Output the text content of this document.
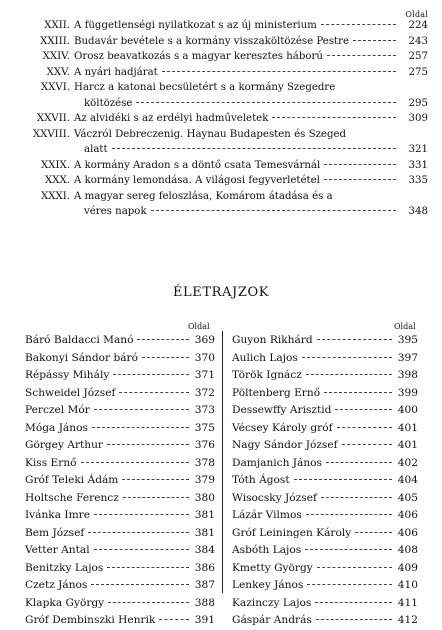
Oldal
XXII. A függetlenségi nyilatkozat s az új ministerium	224
XXIII. Budavár bevétele s a kormány visszaköltözése Pestre	243
XXIV. Orosz beavatkozás s a magyar keresztes háború	257
XXV. A nyári hadjárat	275
XXVI. Harcz a katonai becsületért s a kormány Szegedre
költözése	295
XXVII. Az alvidéki s az erdélyi hadműveletek	309
XXVIII. Váczról Debreczenig. Haynau Budapesten és Szeged
alatt	321
XXIX. A kormány Aradon s a döntő csata Temesvárnál	331
XXX. A kormány lemondása. A világosi fegyverletétel	335
XXXI. A magyar sereg feloszlása, Komárom átadása és a
véres napok	348
ÉLETRAJZOK
Oldal	Oldal
Báró Baldacci Manó	369
Bakonyi Sándor báró	370
Répássy Mihály	371
Schweidel József	372
Perczel Mór	373
Móga János	375
Görgey Arthur	376
Kiss Ernő	378
Gróf Teleki Ádám	379
Holtsche Ferencz	380
Ivánka Imre	381
Bem József	381
Vetter Antal	384
Benitzky Lajos	386
Czetz János	387
Klapka György	388
Gróf Dembinszki Henrik	391
Guyon Rikhárd	395
Aulich Lajos	397
Török Ignácz	398
Pöltenberg Ernő	399
Dessewffy Arisztid	400
Vécsey Károly gróf	401
Nagy Sándor József	401
Damjanich János	402
Tóth Ágost	404
Wisocsky József	405
Lázár Vilmos	406
Gróf Leiningen Károly	406
Asbóth Lajos	408
Kmetty György	409
Lenkey János	410
Kazinczy Lajos	411
Gáspár András	412
